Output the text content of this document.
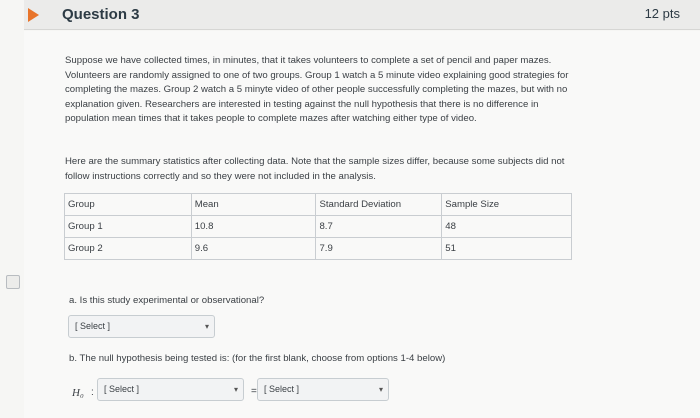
Question 3	12 pts

Suppose we have collected times, in minutes, that it takes volunteers to complete a set of pencil and paper mazes. Volunteers are randomly assigned to one of two groups. Group 1 watch a 5 minute video explaining good strategies for completing the mazes. Group 2 watch a 5 minyte video of other people successfully completing the mazes, but with no explanation given. Researchers are interested in testing against the null hypothesis that there is no difference in population mean times that it takes people to complete mazes after watching either type of video.

Here are the summary statistics after collecting data. Note that the sample sizes differ, because some subjects did not follow instructions correctly and so they were not included in the analysis.

Group	Mean	Standard Deviation	Sample Size
Group 1	10.8	8.7	48
Group 2	9.6	7.9	51
a. Is this study experimental or observational?
[ Select ]	▾
b. The null hypothesis being tested is: (for the first blank, choose from options 1-4 below)
H₀ :	[ Select ]	▾ = [ Select ]	▾
